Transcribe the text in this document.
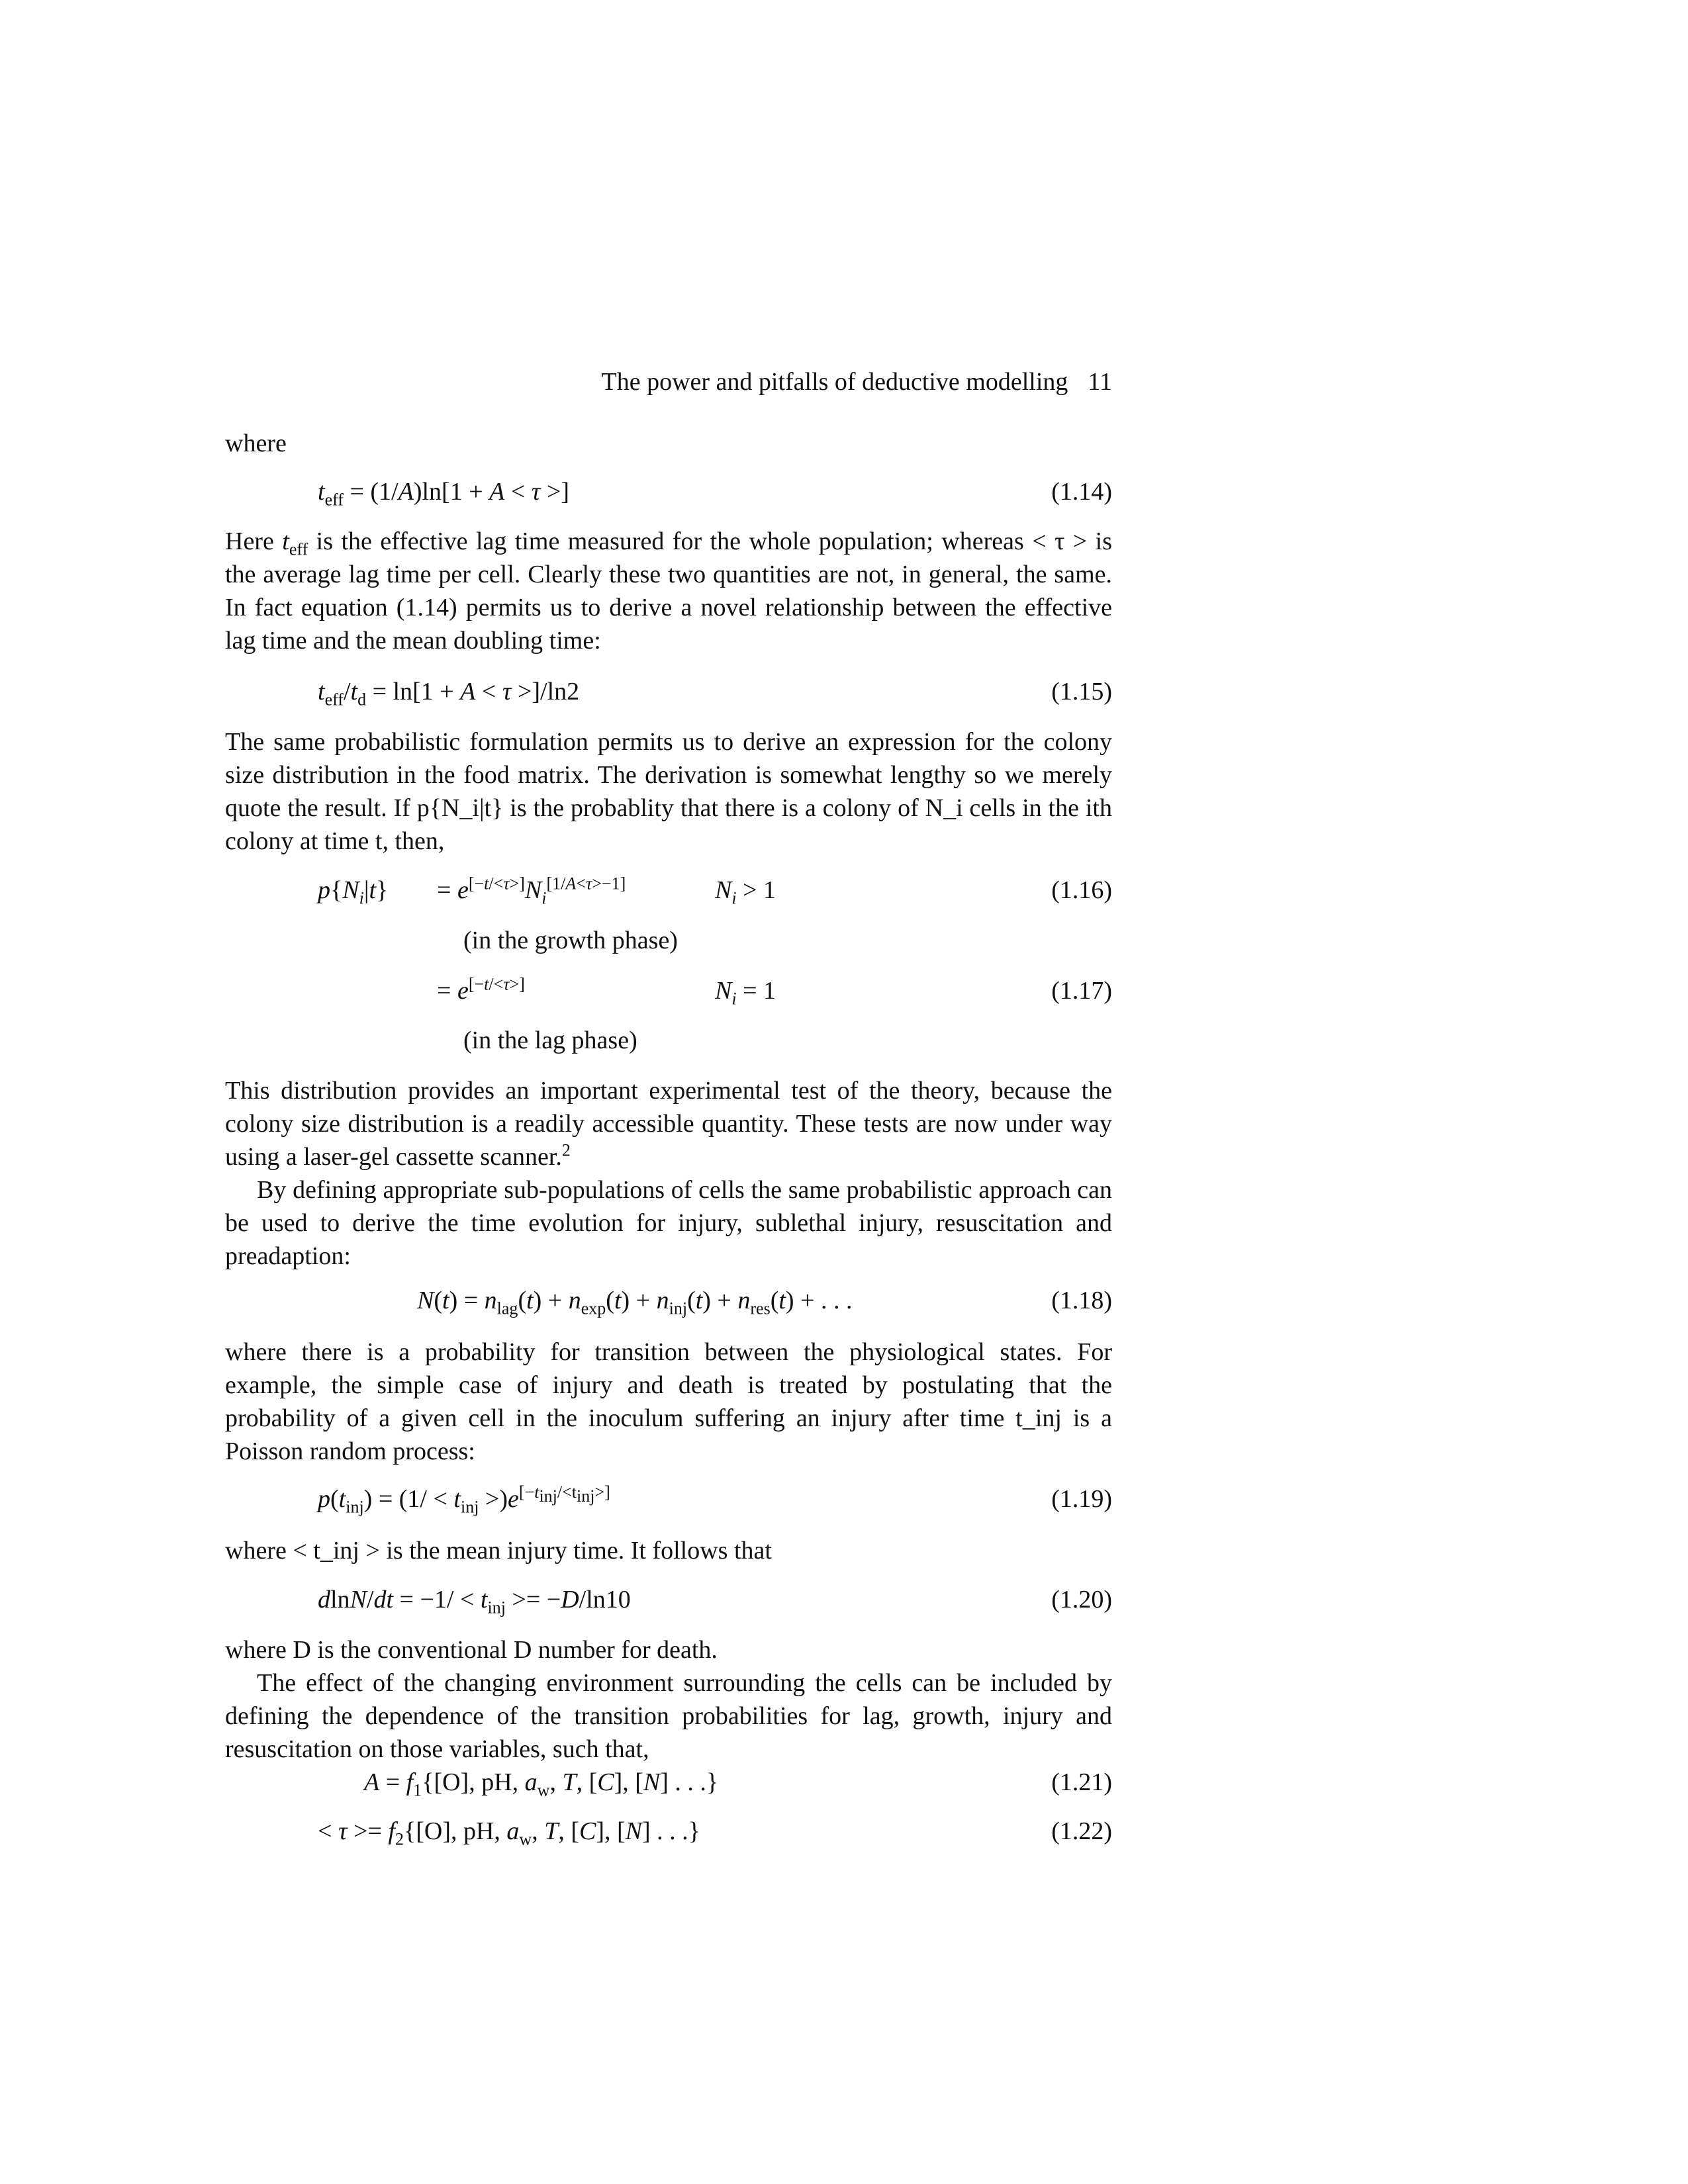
The power and pitfalls of deductive modelling 11
where
$t_{eff} = (1/A)\ln[1 + A < \tau$ >]	(1.14)
Here $t_{eff}$ is the effective lag time measured for the whole population; whereas < τ > is the average lag time per cell. Clearly these two quantities are not, in general, the same. In fact equation (1.14) permits us to derive a novel relationship between the effective lag time and the mean doubling time:
$t_{eff}/t_d = \ln[1 + A < \tau >]/\ln 2$	(1.15)
The same probabilistic formulation permits us to derive an expression for the colony size distribution in the food matrix. The derivation is somewhat lengthy so we merely quote the result. If p{N_i|t} is the probablity that there is a colony of N_i cells in the ith colony at time t, then,
$p\{N_i|t\} = e[-t/<\tau>]N_i[1/A<\tau>-1]$	$N_i > 1$	(1.16)
(in the growth phase)
= e[−t/<τ>]	$N_i = 1$	(1.17)
(in the lag phase)
This distribution provides an important experimental test of the theory, because the colony size distribution is a readily accessible quantity. These tests are now under way using a laser-gel cassette scanner.$^2$
By defining appropriate sub-populations of cells the same probabilistic approach can be used to derive the time evolution for injury, sublethal injury, resuscitation and preadaption:
$N(t) = n_{lag}(t) + n_{exp}(t) + n_{inj}(t) + n_{res}(t)$ + . . .	(1.18)
where there is a probability for transition between the physiological states. For example, the simple case of injury and death is treated by postulating that the probability of a given cell in the inoculum suffering an injury after time t_inj is a Poisson random process:
$p(t_{inj}) = (1/ < t_{inj} >)e[-tinj/<tinj>]$	(1.19)
where < t_inj > is the mean injury time. It follows that
$dlnN/dt = -1/ < t_{inj} >= -D/\ln 10$	(1.20)
where D is the conventional D number for death.
The effect of the changing environment surrounding the cells can be included by defining the dependence of the transition probabilities for lag, growth, injury and resuscitation on those variables, such that,
$A = f_1\{[O]$, pH, $a_w$, T, [C], [N] . . .}	(1.21)
< $\tau >= f_2\{[O]$, pH, $a_w$, T, [C], [N] . . .}	(1.22)
